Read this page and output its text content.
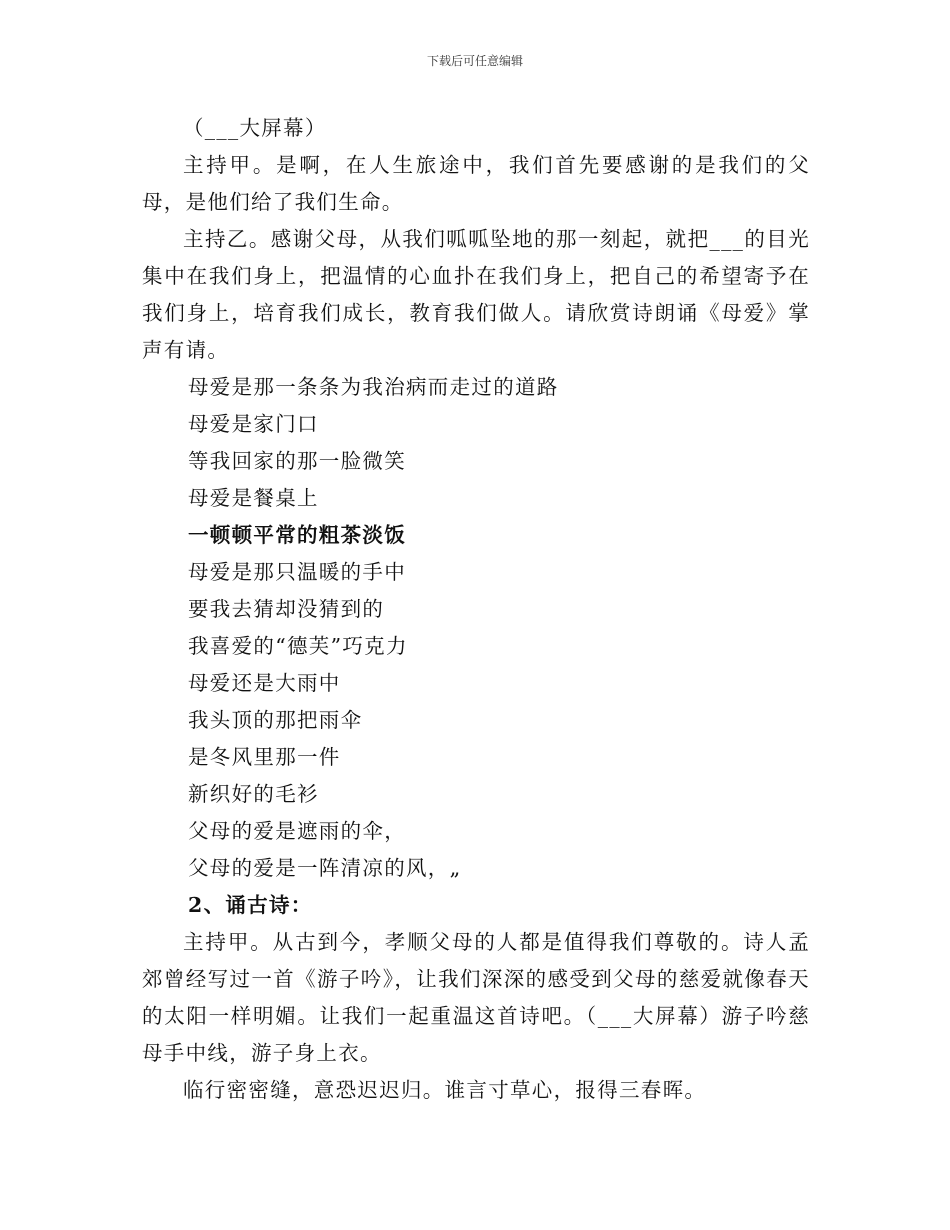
下载后可任意编辑

（___大屏幕）

主持甲。是啊，在人生旅途中，我们首先要感谢的是我们的父母，是他们给了我们生命。

主持乙。感谢父母，从我们呱呱坠地的那一刻起，就把___的目光集中在我们身上，把温情的心血扑在我们身上，把自己的希望寄予在我们身上，培育我们成长，教育我们做人。请欣赏诗朗诵《母爱》掌声有请。

母爱是那一条条为我治病而走过的道路

母爱是家门口

等我回家的那一脸微笑

母爱是餐桌上

一顿顿平常的粗茶淡饭

母爱是那只温暖的手中

要我去猜却没猜到的

我喜爱的“德芙”巧克力

母爱还是大雨中

我头顶的那把雨伞

是冬风里那一件

新织好的毛衫

父母的爱是遮雨的伞，

父母的爱是一阵清凉的风，„

2、诵古诗：

主持甲。从古到今，孝顺父母的人都是值得我们尊敬的。诗人孟郊曾经写过一首《游子吟》，让我们深深的感受到父母的慈爱就像春天的太阳一样明媚。让我们一起重温这首诗吧。（___大屏幕）游子吟慈母手中线，游子身上衣。

临行密密缝，意恐迟迟归。谁言寸草心，报得三春晖。
